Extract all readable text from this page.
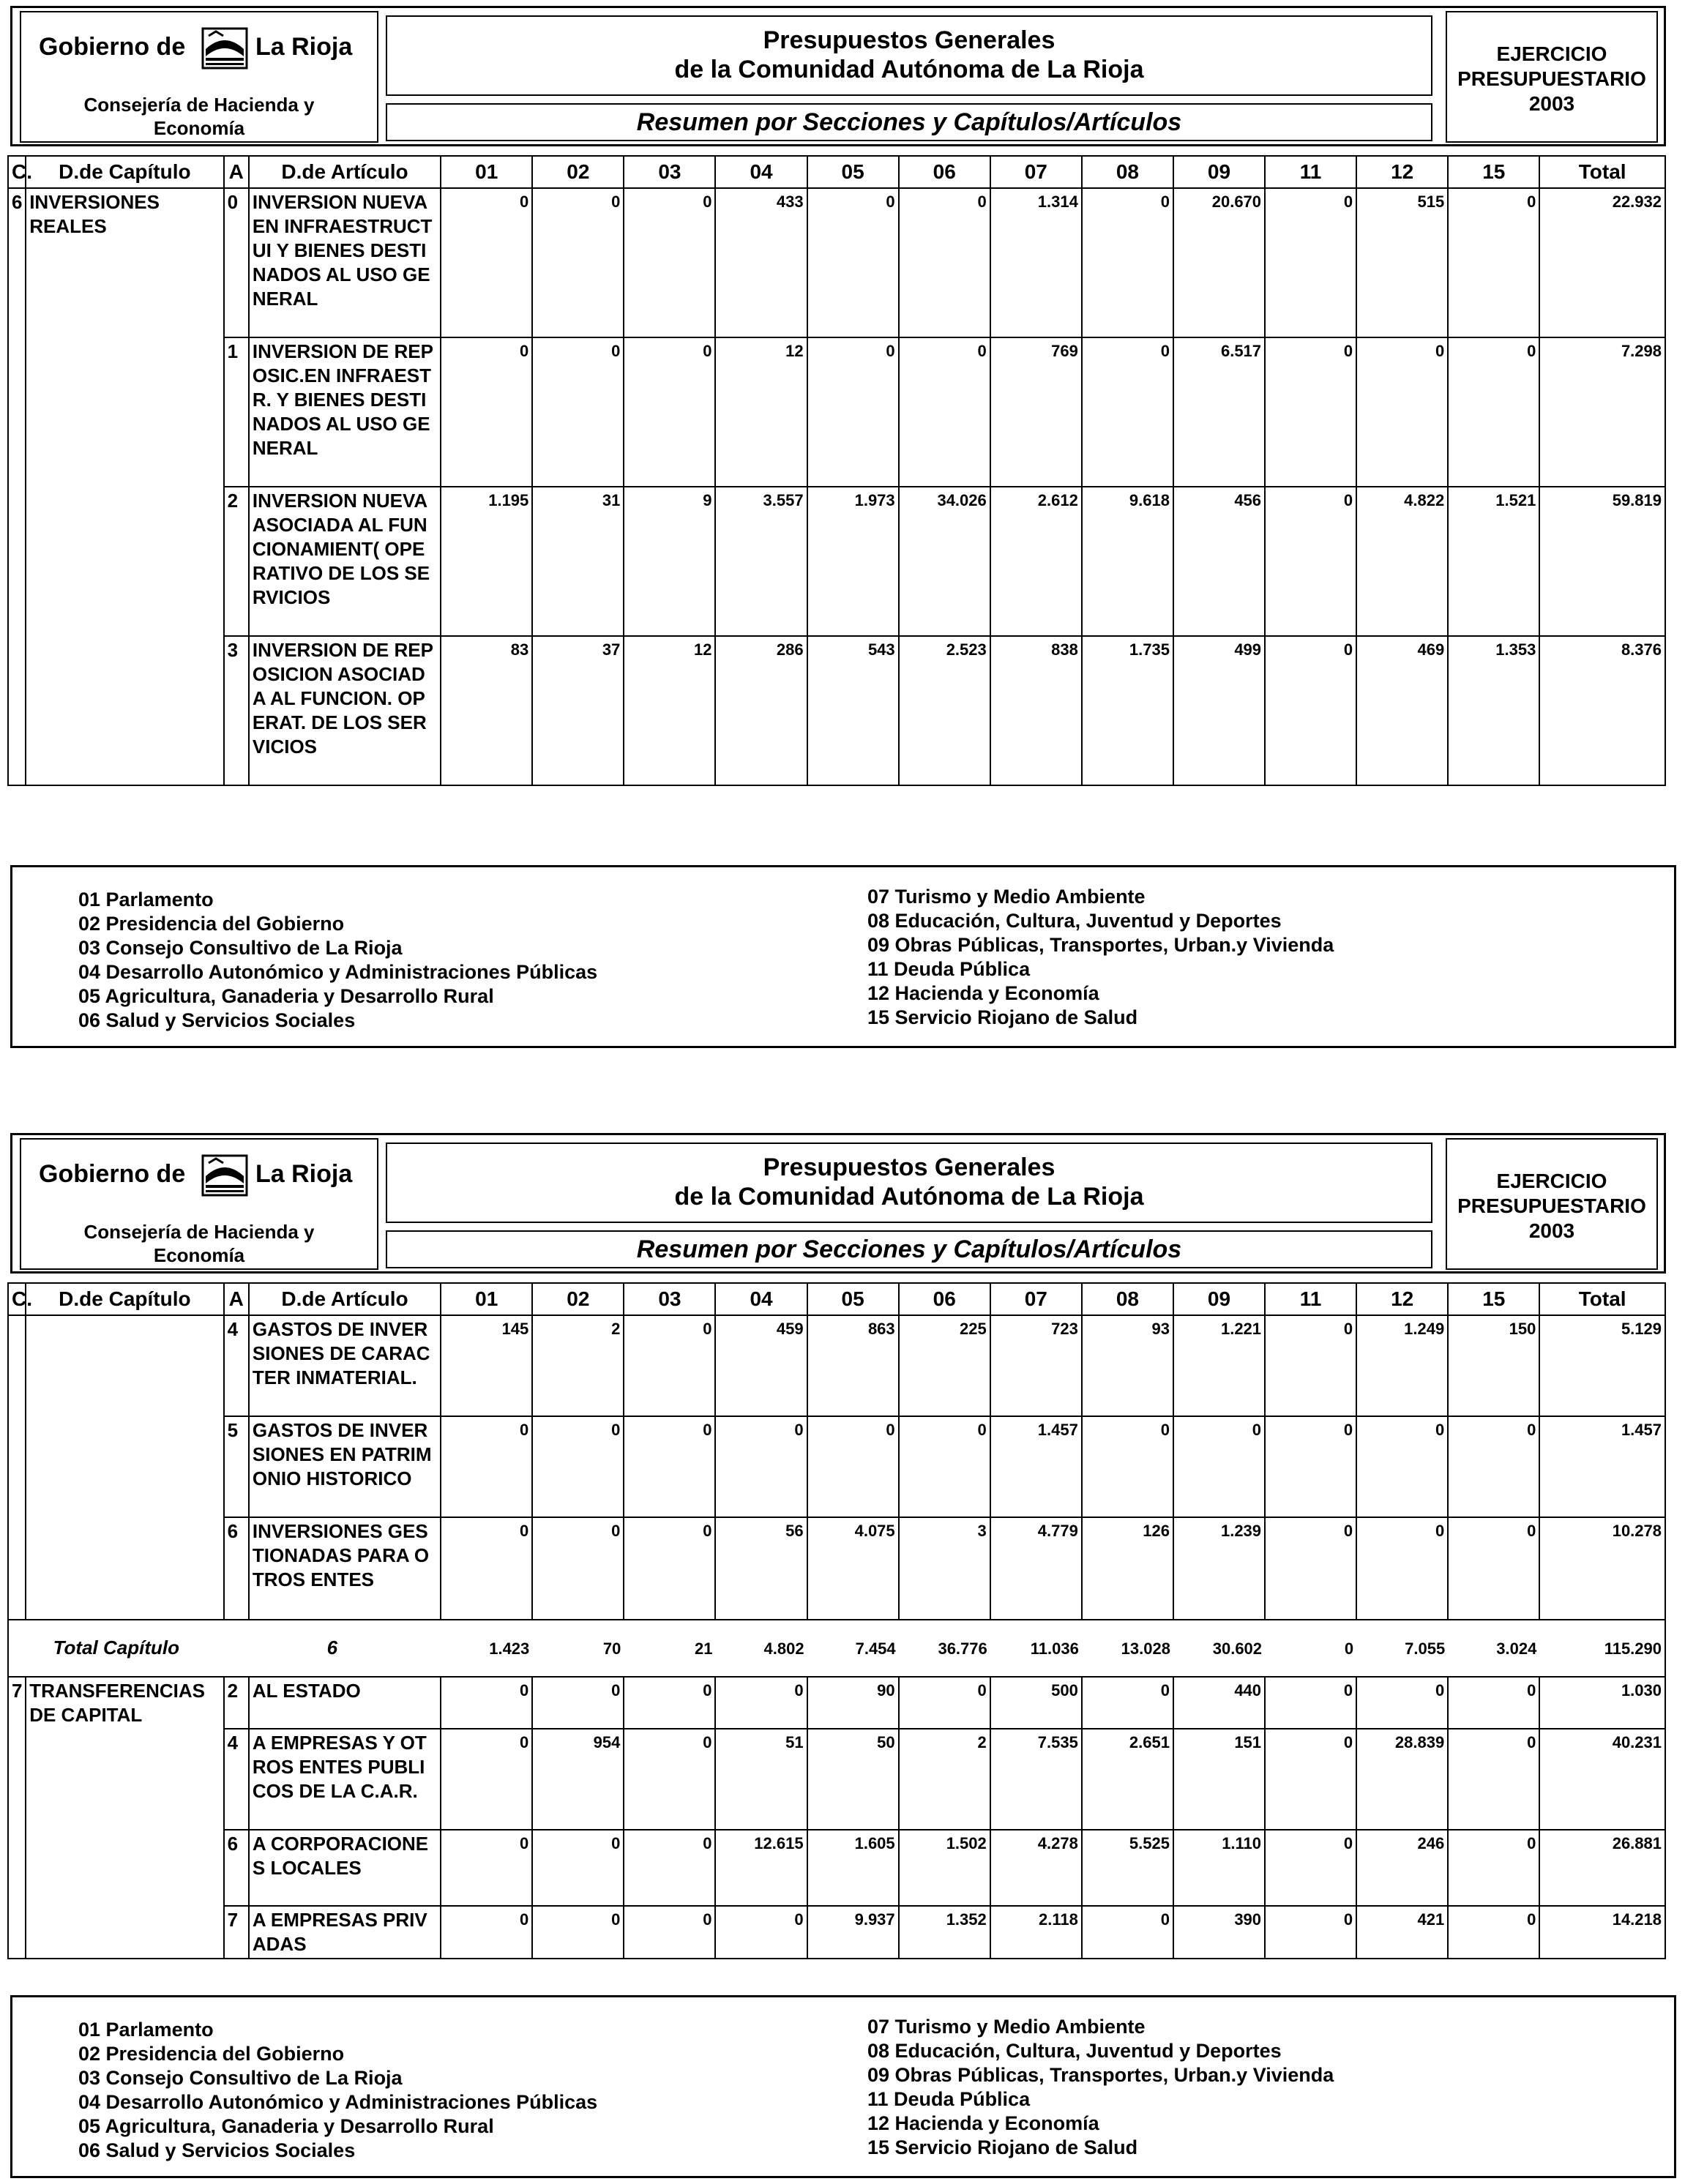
Gobierno de	La Rioja
Consejería de Hacienda y Economía
Presupuestos Generales
de la Comunidad Autónoma de La Rioja
Resumen por Secciones y Capítulos/Artículos
EJERCICIO
PRESUPUESTARIO
2003
C.	D.de Capítulo	A	D.de Artículo	01	02	03	04	05	06	07	08	09	11	12	15	Total
6	INVERSIONES REALES	0	INVERSION NUEVA EN INFRAESTRUCTUI Y BIENES DESTINADOS AL USO GENERAL	0	0	0	433	0	0	1.314	0	20.670	0	515	0	22.932
		1	INVERSION DE REPOSIC.EN INFRAESTR. Y BIENES DESTINADOS AL USO GENERAL	0	0	0	12	0	0	769	0	6.517	0	0	0	7.298
		2	INVERSION NUEVA ASOCIADA AL FUNCIONAMIENT( OPERATIVO DE LOS SERVICIOS	1.195	31	9	3.557	1.973	34.026	2.612	9.618	456	0	4.822	1.521	59.819
		3	INVERSION DE REPOSICION ASOCIADA AL FUNCION. OPERAT. DE LOS SERVICIOS	83	37	12	286	543	2.523	838	1.735	499	0	469	1.353	8.376
01 Parlamento
02 Presidencia del Gobierno
03 Consejo Consultivo de La Rioja
04 Desarrollo Autonómico y Administraciones Públicas
05 Agricultura, Ganaderia y Desarrollo Rural
06 Salud y Servicios Sociales
07 Turismo y Medio Ambiente
08 Educación, Cultura, Juventud y Deportes
09 Obras Públicas, Transportes, Urban.y Vivienda
11 Deuda Pública
12 Hacienda y Economía
15 Servicio Riojano de Salud
Gobierno de	La Rioja
Consejería de Hacienda y Economía
Presupuestos Generales
de la Comunidad Autónoma de La Rioja
Resumen por Secciones y Capítulos/Artículos
EJERCICIO
PRESUPUESTARIO
2003
C.	D.de Capítulo	A	D.de Artículo	01	02	03	04	05	06	07	08	09	11	12	15	Total
		4	GASTOS DE INVERSIONES DE CARACTER INMATERIAL.	145	2	0	459	863	225	723	93	1.221	0	1.249	150	5.129
		5	GASTOS DE INVERSIONES EN PATRIMONIO HISTORICO	0	0	0	0	0	0	1.457	0	0	0	0	0	1.457
		6	INVERSIONES GESTIONADAS PARA OTROS ENTES	0	0	0	56	4.075	3	4.779	126	1.239	0	0	0	10.278
Total Capítulo		6		1.423	70	21	4.802	7.454	36.776	11.036	13.028	30.602	0	7.055	3.024	115.290
7	TRANSFERENCIAS DE CAPITAL	2	AL ESTADO	0	0	0	0	90	0	500	0	440	0	0	0	1.030
		4	A EMPRESAS Y OTROS ENTES PUBLICOS DE LA C.A.R.	0	954	0	51	50	2	7.535	2.651	151	0	28.839	0	40.231
		6	A CORPORACIONES LOCALES	0	0	0	12.615	1.605	1.502	4.278	5.525	1.110	0	246	0	26.881
		7	A EMPRESAS PRIVADAS	0	0	0	0	9.937	1.352	2.118	0	390	0	421	0	14.218
01 Parlamento
02 Presidencia del Gobierno
03 Consejo Consultivo de La Rioja
04 Desarrollo Autonómico y Administraciones Públicas
05 Agricultura, Ganaderia y Desarrollo Rural
06 Salud y Servicios Sociales
07 Turismo y Medio Ambiente
08 Educación, Cultura, Juventud y Deportes
09 Obras Públicas, Transportes, Urban.y Vivienda
11 Deuda Pública
12 Hacienda y Economía
15 Servicio Riojano de Salud
